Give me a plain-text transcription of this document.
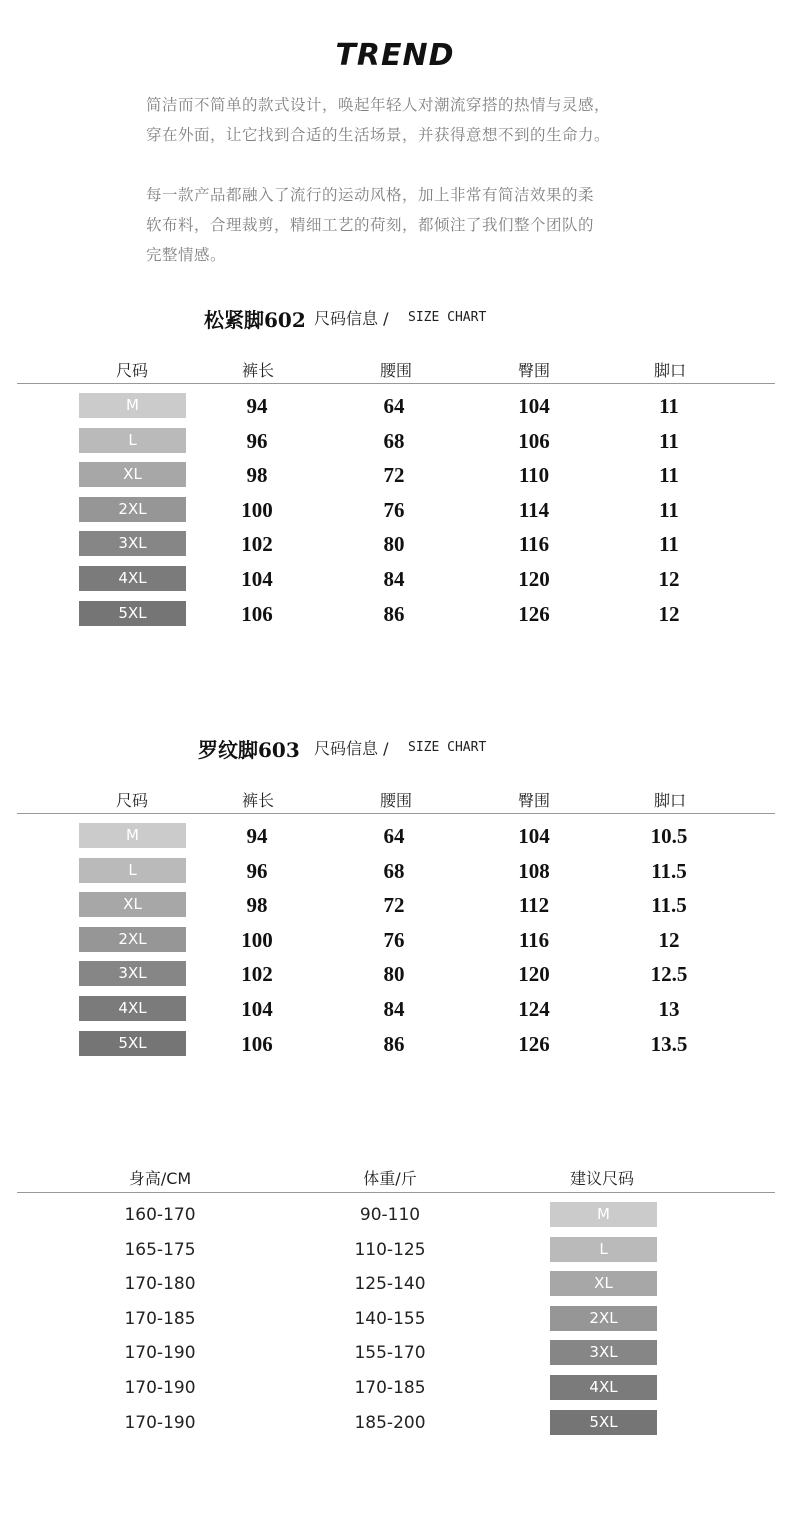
TREND

简洁而不简单的款式设计，唤起年轻人对潮流穿搭的热情与灵感，

穿在外面，让它找到合适的生活场景，并获得意想不到的生命力。

每一款产品都融入了流行的运动风格，加上非常有简洁效果的柔

软布料，合理裁剪，精细工艺的荷刻，都倾注了我们整个团队的

完整情感。

松紧脚602 尺码信息 / SIZE CHART
尺码	裤长	腰围	臀围	脚口
M	94	64	104	11
L	96	68	106	11
XL	98	72	110	11
2XL	100	76	114	11
3XL	102	80	116	11
4XL	104	84	120	12
5XL	106	86	126	12
罗纹脚603 尺码信息 / SIZE CHART
尺码	裤长	腰围	臀围	脚口
M	94	64	104	10.5
L	96	68	108	11.5
XL	98	72	112	11.5
2XL	100	76	116	12
3XL	102	80	120	12.5
4XL	104	84	124	13
5XL	106	86	126	13.5
身高/CM	体重/斤	建议尺码
160-170	90-110	M
165-175	110-125	L
170-180	125-140	XL
170-185	140-155	2XL
170-190	155-170	3XL
170-190	170-185	4XL
170-190	185-200	5XL
